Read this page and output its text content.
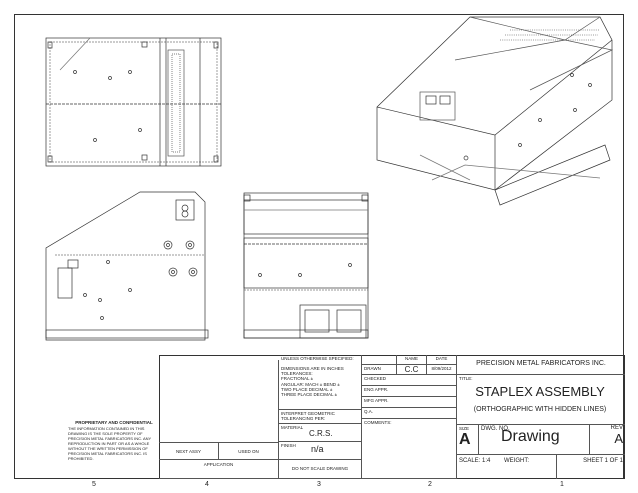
UNLESS OTHERWISE SPECIFIED:
DIMENSIONS ARE IN INCHES
TOLERANCES:
FRACTIONAL ±
ANGULAR: MACH ± BEND ±
TWO PLACE DECIMAL ±
THREE PLACE DECIMAL ±
INTERPRET GEOMETRIC TOLERANCING PER:
MATERIAL
C.R.S.
FINISH	n/a
DO NOT SCALE DRAWING
NEXT ASSY	USED ON
APPLICATION
NAME	DATE
DRAWN	C.C	8/09/2012
CHECKED
ENG APPR.
MFG APPR.
Q.A.
COMMENTS:
PRECISION METAL FABRICATORS INC.
TITLE:
STAPLEX ASSEMBLY
(ORTHOGRAPHIC WITH HIDDEN LINES)
SIZE
A
DWG. NO.
Drawing	REV
A
SCALE: 1:4	WEIGHT:	SHEET 1 OF 1
PROPRIETARY AND CONFIDENTIAL
THE INFORMATION CONTAINED IN THIS DRAWING IS THE SOLE PROPERTY OF PRECISION METAL FABRICATORS INC. ANY REPRODUCTION IN PART OR AS A WHOLE WITHOUT THE WRITTEN PERMISSION OF PRECISION METAL FABRICATORS INC. IS PROHIBITED.
5	4	3	2	1
